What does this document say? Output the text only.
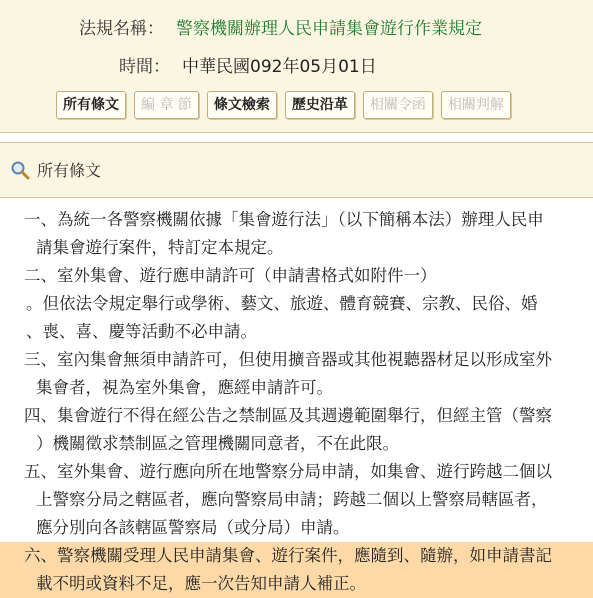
法規名稱： 警察機關辦理人民申請集會遊行作業規定
時間： 中華民國092年05月01日
所有條文 編 章 節 條文檢索 歷史沿革 相關令函 相關判解
所有條文
一、為統一各警察機關依據「集會遊行法」（以下簡稱本法）辦理人民申
請集會遊行案件，特訂定本規定。
二、室外集會、遊行應申請許可（申請書格式如附件一）
。但依法令規定舉行或學術、藝文、旅遊、體育競賽、宗教、民俗、婚
、喪、喜、慶等活動不必申請。
三、室內集會無須申請許可，但使用擴音器或其他視聽器材足以形成室外
集會者，視為室外集會，應經申請許可。
四、集會遊行不得在經公告之禁制區及其週邊範圍舉行，但經主管（警察
）機關徵求禁制區之管理機關同意者，不在此限。
五、室外集會、遊行應向所在地警察分局申請，如集會、遊行跨越二個以
上警察分局之轄區者，應向警察局申請；跨越二個以上警察局轄區者，
應分別向各該轄區警察局（或分局）申請。
六、警察機關受理人民申請集會、遊行案件，應隨到、隨辦，如申請書記
載不明或資料不足，應一次告知申請人補正。
